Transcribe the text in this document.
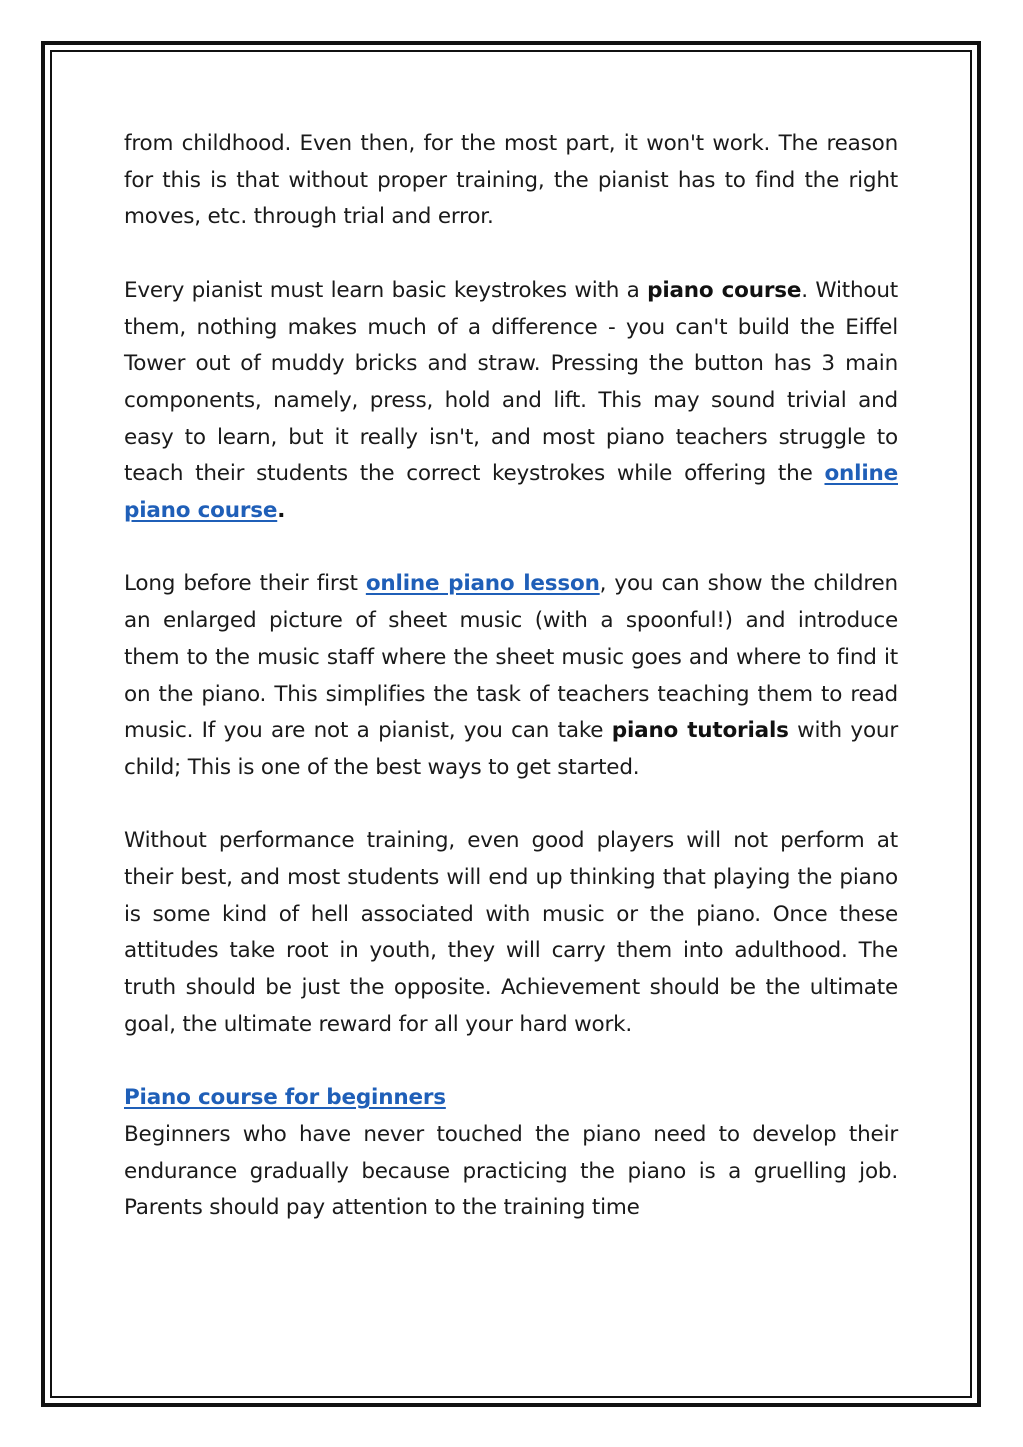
from childhood. Even then, for the most part, it won't work. The reason for this is that without proper training, the pianist has to find the right moves, etc. through trial and error.

Every pianist must learn basic keystrokes with a piano course. Without them, nothing makes much of a difference - you can't build the Eiffel Tower out of muddy bricks and straw. Pressing the button has 3 main components, namely, press, hold and lift. This may sound trivial and easy to learn, but it really isn't, and most piano teachers struggle to teach their students the correct keystrokes while offering the online piano course.

Long before their first online piano lesson, you can show the children an enlarged picture of sheet music (with a spoonful!) and introduce them to the music staff where the sheet music goes and where to find it on the piano. This simplifies the task of teachers teaching them to read music. If you are not a pianist, you can take piano tutorials with your child; This is one of the best ways to get started.

Without performance training, even good players will not perform at their best, and most students will end up thinking that playing the piano is some kind of hell associated with music or the piano. Once these attitudes take root in youth, they will carry them into adulthood. The truth should be just the opposite. Achievement should be the ultimate goal, the ultimate reward for all your hard work.

Piano course for beginners

Beginners who have never touched the piano need to develop their endurance gradually because practicing the piano is a gruelling job. Parents should pay attention to the training time
